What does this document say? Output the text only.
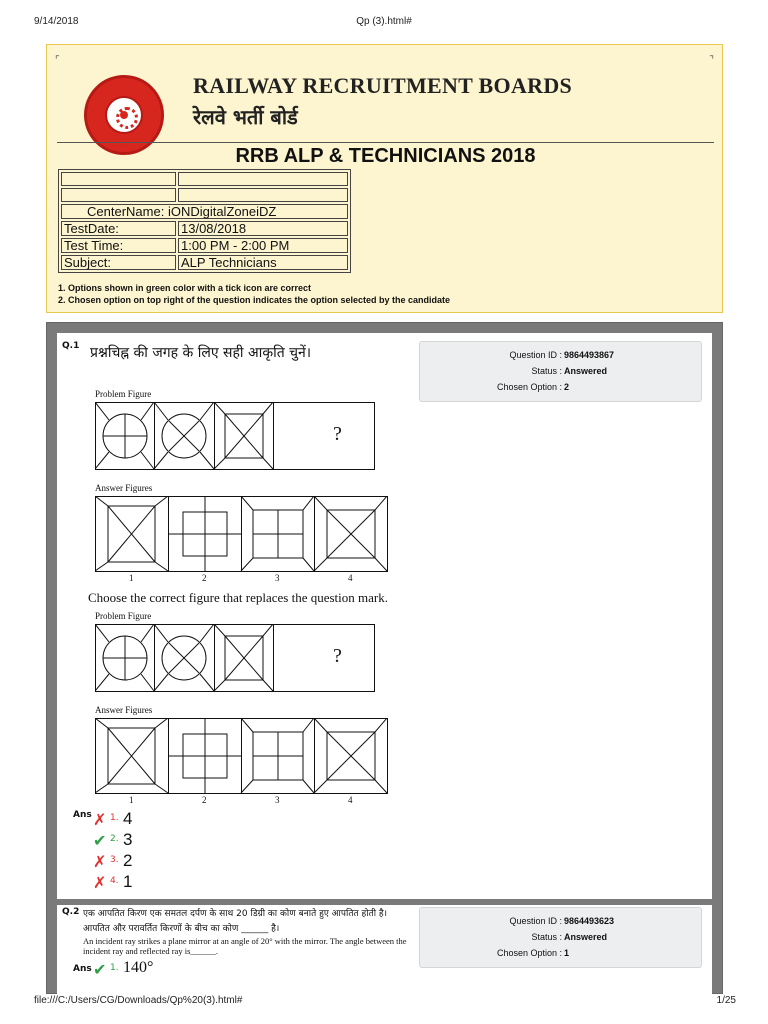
9/14/2018	Qp (3).html#
⌜	⌝
RAILWAY RECRUITMENT BOARDS
रेलवे भर्ती बोर्ड
RRB ALP & TECHNICIANS 2018

CenterName: iONDigitalZoneiDZ	
TestDate:	13/08/2018
Test Time:	1:00 PM - 2:00 PM
Subject:	ALP Technicians
1. Options shown in green color with a tick icon are correct
2. Chosen option on top right of the question indicates the option selected by the candidate
Q.1 प्रश्नचिह्न की जगह के लिए सही आकृति चुनें।	Question ID : 9864493867
Status : Answered
Chosen Option : 2
Problem Figure
?
Answer Figures
1	2	3	4
Choose the correct figure that replaces the question mark.
Problem Figure
?
Answer Figures
1	2	3	4
Ans ✗ 1. 4
✔ 2. 3
✗ 3. 2
✗ 4. 1
Q.2 एक आपतित किरण एक समतल दर्पण के साथ 20 डिग्री का कोण बनाते हुए आपतित होती है। आपतित और परावर्तित किरणों के बीच का कोण ______ है।
An incident ray strikes a plane mirror at an angle of 20° with the mirror. The angle between the incident ray and reflected ray is______.
Question ID : 9864493623
Status : Answered
Chosen Option : 1
Ans ✔ 1. 140°
file:///C:/Users/CG/Downloads/Qp%20(3).html#	1/25
